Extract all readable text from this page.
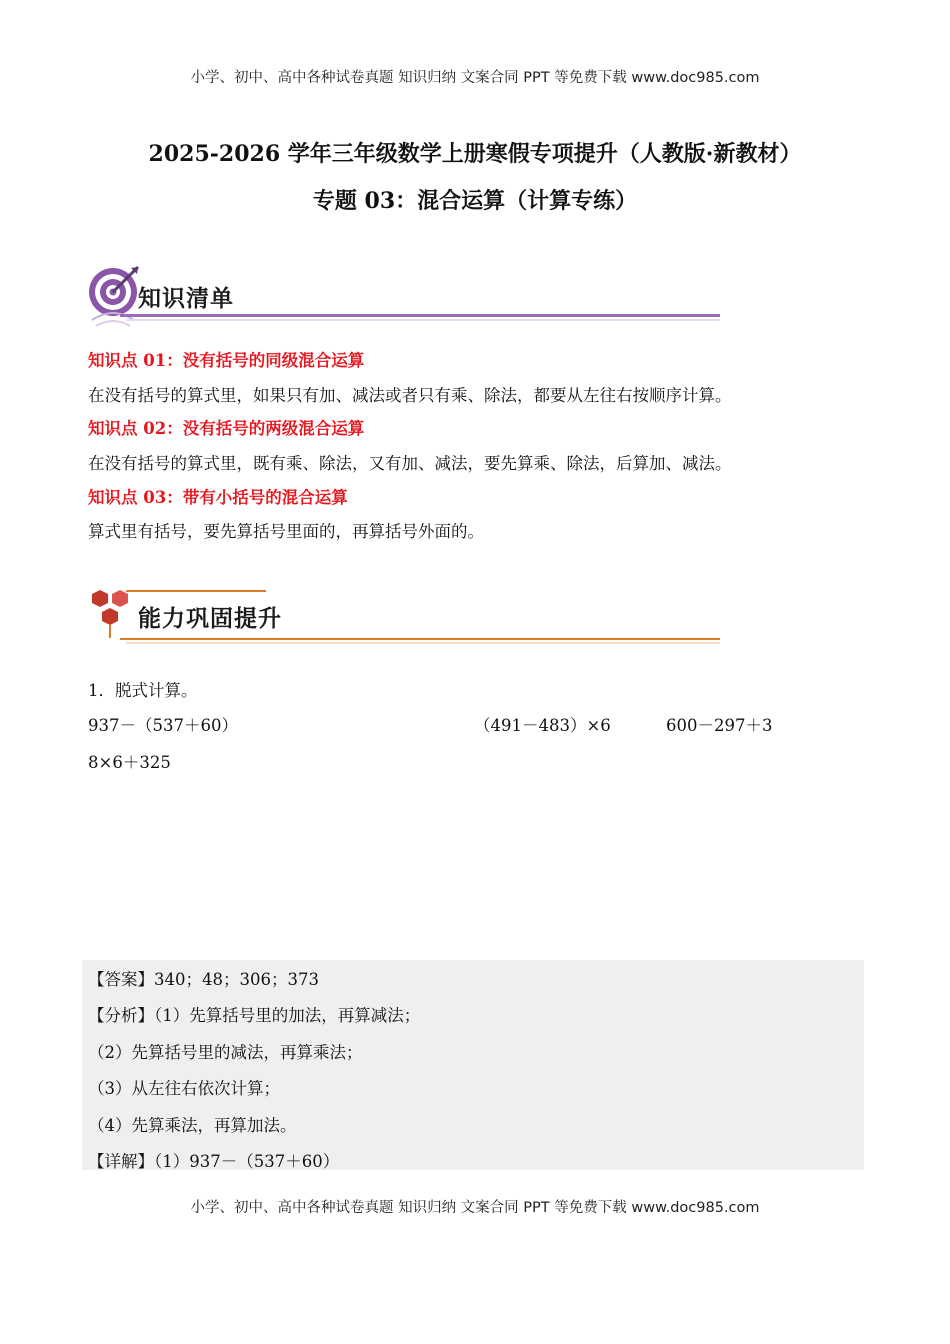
小学、初中、高中各种试卷真题 知识归纳 文案合同 PPT 等免费下载 www.doc985.com
2025-2026 学年三年级数学上册寒假专项提升（人教版·新教材）
专题 03：混合运算（计算专练）
知识清单
知识点 01：没有括号的同级混合运算
在没有括号的算式里，如果只有加、减法或者只有乘、除法，都要从左往右按顺序计算。
知识点 02：没有括号的两级混合运算
在没有括号的算式里，既有乘、除法，又有加、减法，要先算乘、除法，后算加、减法。
知识点 03：带有小括号的混合运算
算式里有括号，要先算括号里面的，再算括号外面的。
能力巩固提升
1．脱式计算。
937－（537＋60）	（491－483）×6	600－297＋3
8×6＋325
【答案】340；48；306；373
【分析】（1）先算括号里的加法，再算减法；
（2）先算括号里的减法，再算乘法；
（3）从左往右依次计算；
（4）先算乘法，再算加法。
【详解】（1）937－（537＋60）
小学、初中、高中各种试卷真题 知识归纳 文案合同 PPT 等免费下载 www.doc985.com
